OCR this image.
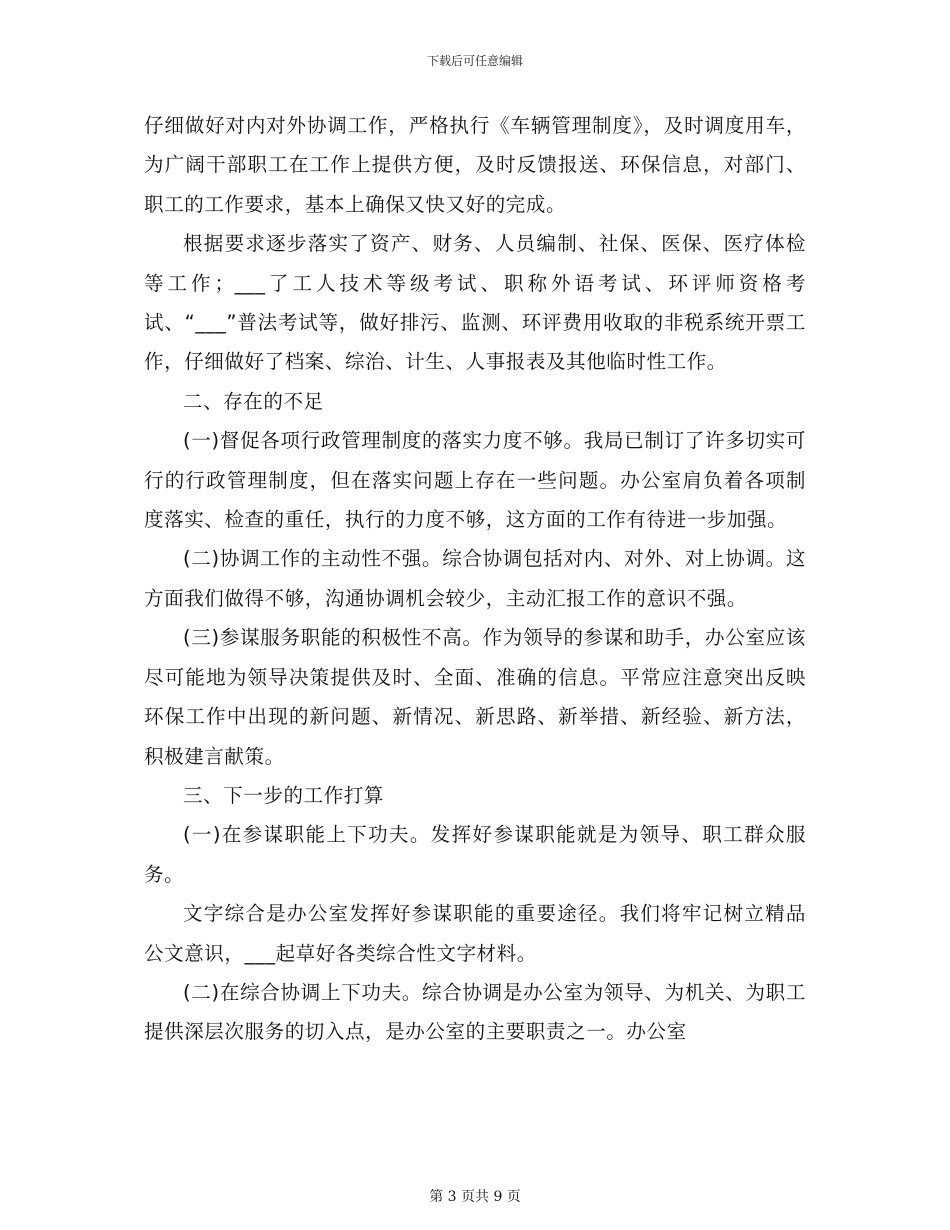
下载后可任意编辑

仔细做好对内对外协调工作，严格执行《车辆管理制度》，及时调度用车，为广阔干部职工在工作上提供方便，及时反馈报送、环保信息，对部门、职工的工作要求，基本上确保又快又好的完成。

根据要求逐步落实了资产、财务、人员编制、社保、医保、医疗体检等工作；___了工人技术等级考试、职称外语考试、环评师资格考试、“___”普法考试等，做好排污、监测、环评费用收取的非税系统开票工作，仔细做好了档案、综治、计生、人事报表及其他临时性工作。

二、存在的不足

(一)督促各项行政管理制度的落实力度不够。我局已制订了许多切实可行的行政管理制度，但在落实问题上存在一些问题。办公室肩负着各项制度落实、检查的重任，执行的力度不够，这方面的工作有待进一步加强。

(二)协调工作的主动性不强。综合协调包括对内、对外、对上协调。这方面我们做得不够，沟通协调机会较少，主动汇报工作的意识不强。

(三)参谋服务职能的积极性不高。作为领导的参谋和助手，办公室应该尽可能地为领导决策提供及时、全面、准确的信息。平常应注意突出反映环保工作中出现的新问题、新情况、新思路、新举措、新经验、新方法，积极建言献策。

三、下一步的工作打算

(一)在参谋职能上下功夫。发挥好参谋职能就是为领导、职工群众服务。

文字综合是办公室发挥好参谋职能的重要途径。我们将牢记树立精品公文意识，___起草好各类综合性文字材料。

(二)在综合协调上下功夫。综合协调是办公室为领导、为机关、为职工提供深层次服务的切入点，是办公室的主要职责之一。办公室

第 3 页共 9 页
